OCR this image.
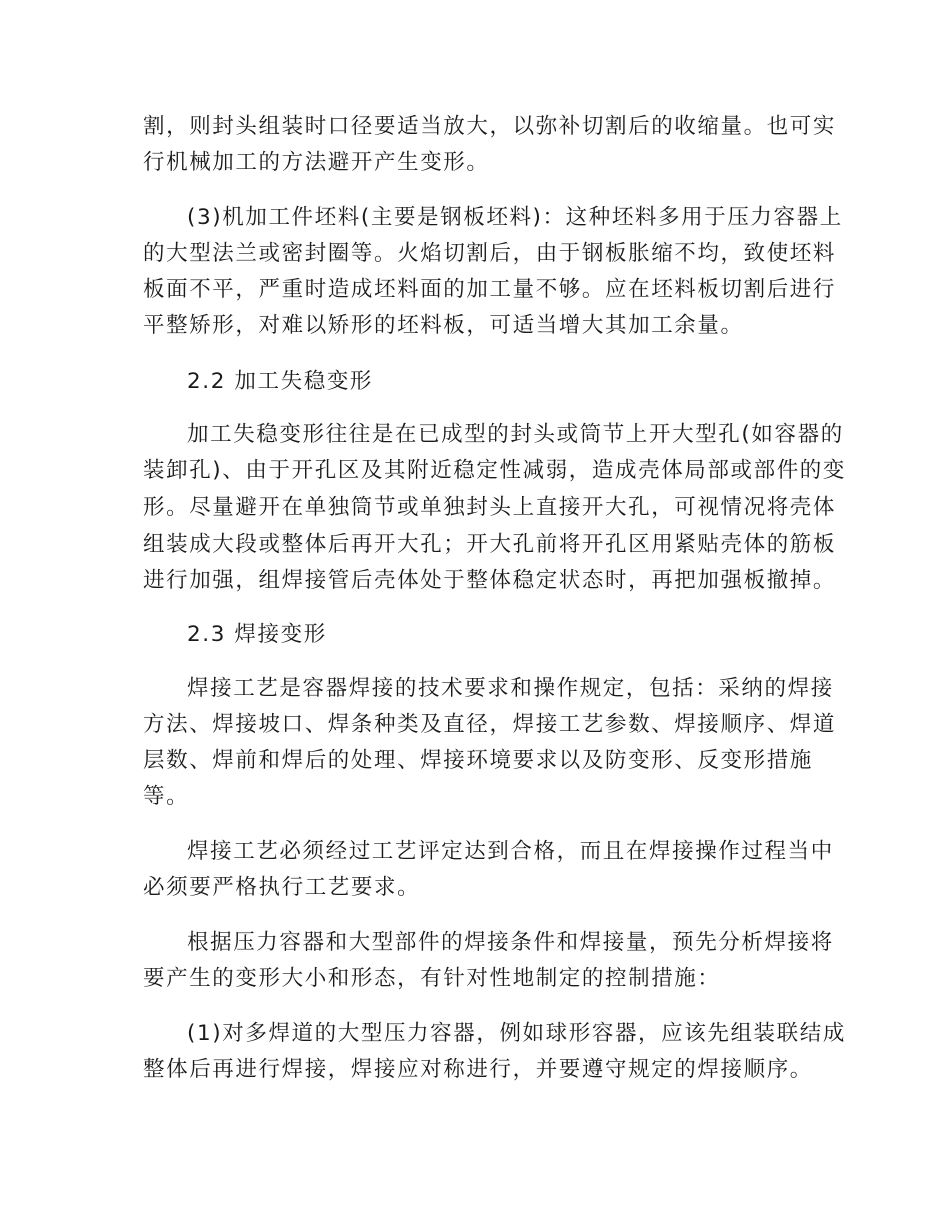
割，则封头组装时口径要适当放大，以弥补切割后的收缩量。也可实
行机械加工的方法避开产生变形。
(3)机加工件坯料(主要是钢板坯料)：这种坯料多用于压力容器上
的大型法兰或密封圈等。火焰切割后，由于钢板胀缩不均，致使坯料
板面不平，严重时造成坯料面的加工量不够。应在坯料板切割后进行
平整矫形，对难以矫形的坯料板，可适当增大其加工余量。
2.2 加工失稳变形
加工失稳变形往往是在已成型的封头或筒节上开大型孔(如容器的
装卸孔)、由于开孔区及其附近稳定性减弱，造成壳体局部或部件的变
形。尽量避开在单独筒节或单独封头上直接开大孔，可视情况将壳体
组装成大段或整体后再开大孔；开大孔前将开孔区用紧贴壳体的筋板
进行加强，组焊接管后壳体处于整体稳定状态时，再把加强板撤掉。
2.3 焊接变形
焊接工艺是容器焊接的技术要求和操作规定，包括：采纳的焊接
方法、焊接坡口、焊条种类及直径，焊接工艺参数、焊接顺序、焊道
层数、焊前和焊后的处理、焊接环境要求以及防变形、反变形措施
等。
焊接工艺必须经过工艺评定达到合格，而且在焊接操作过程当中
必须要严格执行工艺要求。
根据压力容器和大型部件的焊接条件和焊接量，预先分析焊接将
要产生的变形大小和形态，有针对性地制定的控制措施：
(1)对多焊道的大型压力容器，例如球形容器，应该先组装联结成
整体后再进行焊接，焊接应对称进行，并要遵守规定的焊接顺序。
